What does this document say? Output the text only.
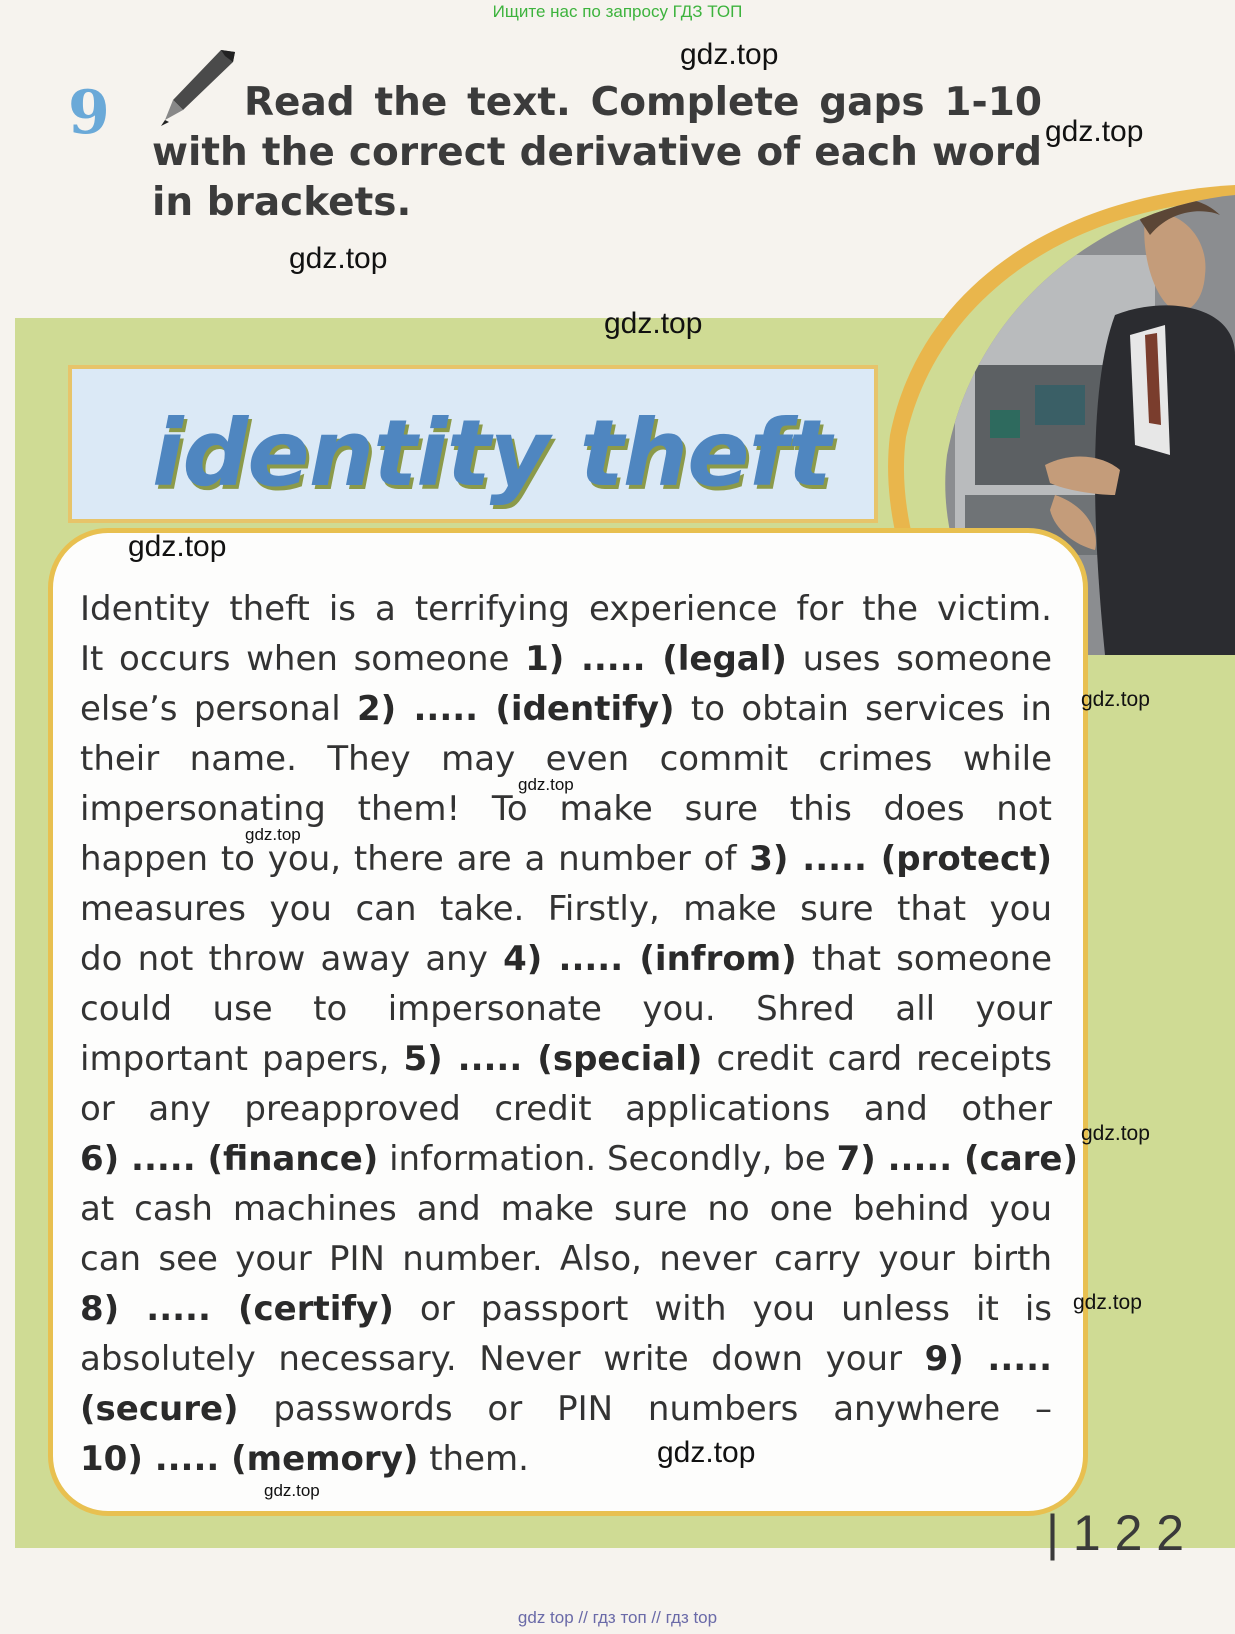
Ищите нас по запросу ГДЗ ТОП
9	Read the text. Complete gaps 1-10 with the correct derivative of each word in brackets.
identity theft
Identity theft is a terrifying experience for the victim.
It occurs when someone 1) ..... (legal) uses someone
else’s personal 2) ..... (identify) to obtain services in
their name. They may even commit crimes while
impersonating them! To make sure this does not
happen to you, there are a number of 3) ..... (protect)
measures you can take. Firstly, make sure that you
do not throw away any 4) ..... (infrom) that someone
could use to impersonate you. Shred all your
important papers, 5) ..... (special) credit card receipts
or any preapproved credit applications and other
6) ..... (finance) information. Secondly, be 7) ..... (care)
at cash machines and make sure no one behind you
can see your PIN number. Also, never carry your birth
8) ..... (certify) or passport with you unless it is
absolutely necessary. Never write down your 9) .....
(secure) passwords or PIN numbers anywhere –
10) ..... (memory) them.
| 1 2 2
gdz.top
gdz.top
gdz.top
gdz.top
gdz.top
gdz.top
gdz.top
gdz.top
gdz.top
gdz.top
gdz.top
gdz.top
gdz top // гдз топ // гдз top
